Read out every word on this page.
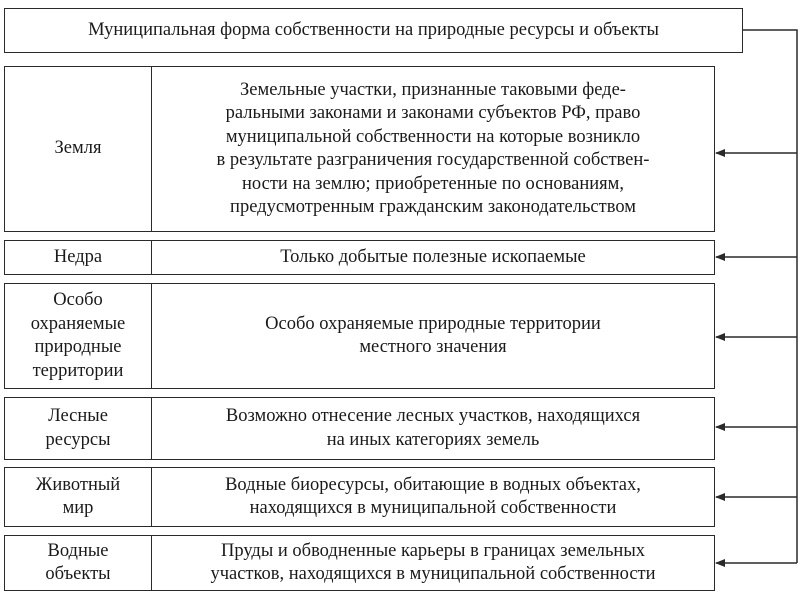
Муниципальная форма собственности на природные ресурсы и объекты
Земля
Земельные участки, признанные таковыми феде-
ральными законами и законами субъектов РФ, право
муниципальной собственности на которые возникло
в результате разграничения государственной собствен-
ности на землю; приобретенные по основаниям,
предусмотренным гражданским законодательством
Недра	Только добытые полезные ископаемые
Особо
охраняемые
природные
территории
Особо охраняемые природные территории
местного значения
Лесные
ресурсы
Возможно отнесение лесных участков, находящихся
на иных категориях земель
Животный
мир
Водные биоресурсы, обитающие в водных объектах,
находящихся в муниципальной собственности
Водные
объекты
Пруды и обводненные карьеры в границах земельных
участков, находящихся в муниципальной собственности
